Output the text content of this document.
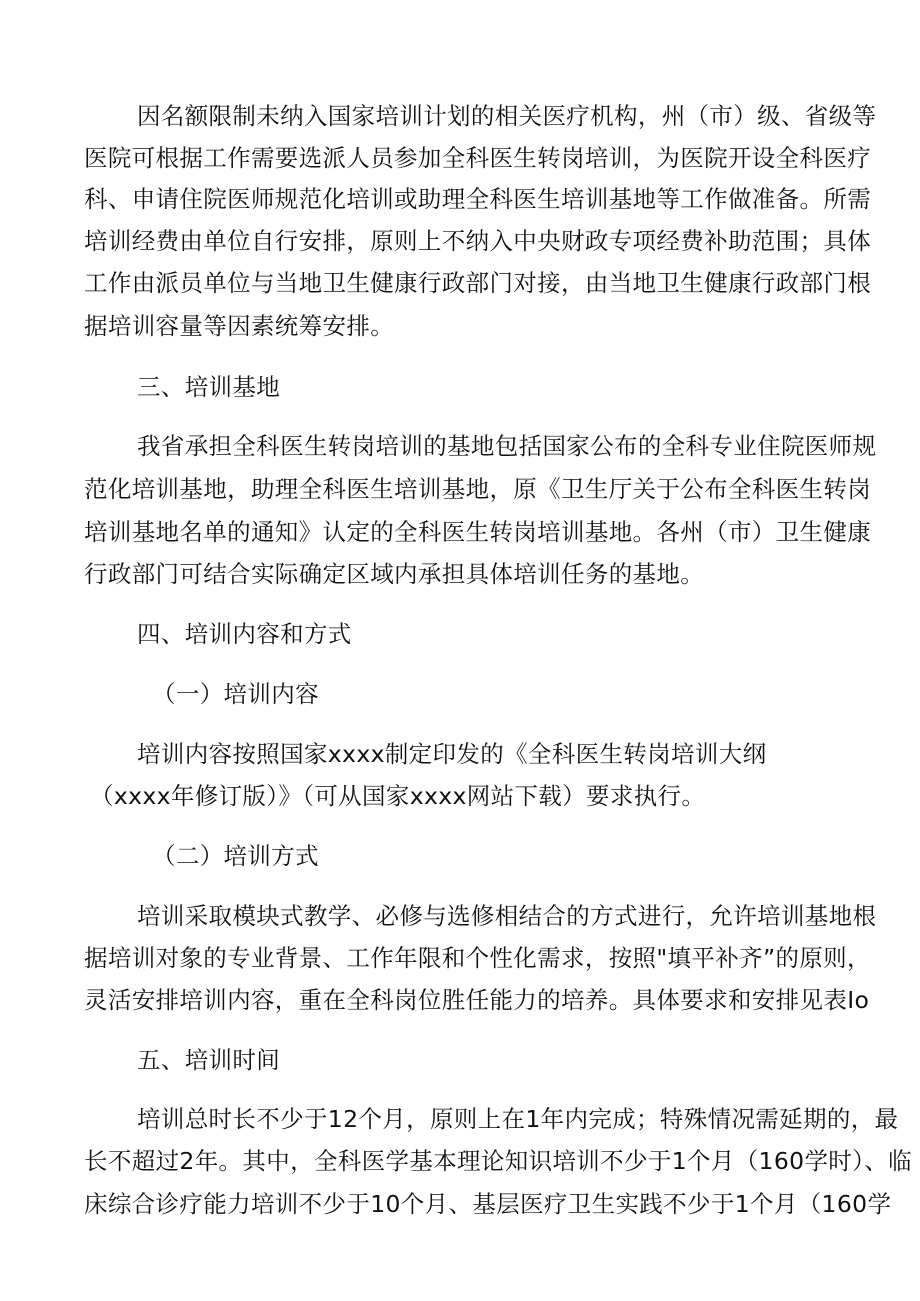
因名额限制未纳入国家培训计划的相关医疗机构，州（市）级、省级等
医院可根据工作需要选派人员参加全科医生转岗培训，为医院开设全科医疗
科、申请住院医师规范化培训或助理全科医生培训基地等工作做准备。所需
培训经费由单位自行安排，原则上不纳入中央财政专项经费补助范围；具体
工作由派员单位与当地卫生健康行政部门对接，由当地卫生健康行政部门根
据培训容量等因素统筹安排。
三、培训基地
我省承担全科医生转岗培训的基地包括国家公布的全科专业住院医师规
范化培训基地，助理全科医生培训基地，原《卫生厅关于公布全科医生转岗
培训基地名单的通知》认定的全科医生转岗培训基地。各州（市）卫生健康
行政部门可结合实际确定区域内承担具体培训任务的基地。
四、培训内容和方式
（一）培训内容
培训内容按照国家xxxx制定印发的《全科医生转岗培训大纲
（xxxx年修订版）》（可从国家xxxx网站下载）要求执行。
（二）培训方式
培训采取模块式教学、必修与选修相结合的方式进行，允许培训基地根
据培训对象的专业背景、工作年限和个性化需求，按照"填平补齐”的原则，
灵活安排培训内容，重在全科岗位胜任能力的培养。具体要求和安排见表Io
五、培训时间
培训总时长不少于12个月，原则上在1年内完成；特殊情况需延期的，最
长不超过2年。其中，全科医学基本理论知识培训不少于1个月（160学时）、临
床综合诊疗能力培训不少于10个月、基层医疗卫生实践不少于1个月（160学
